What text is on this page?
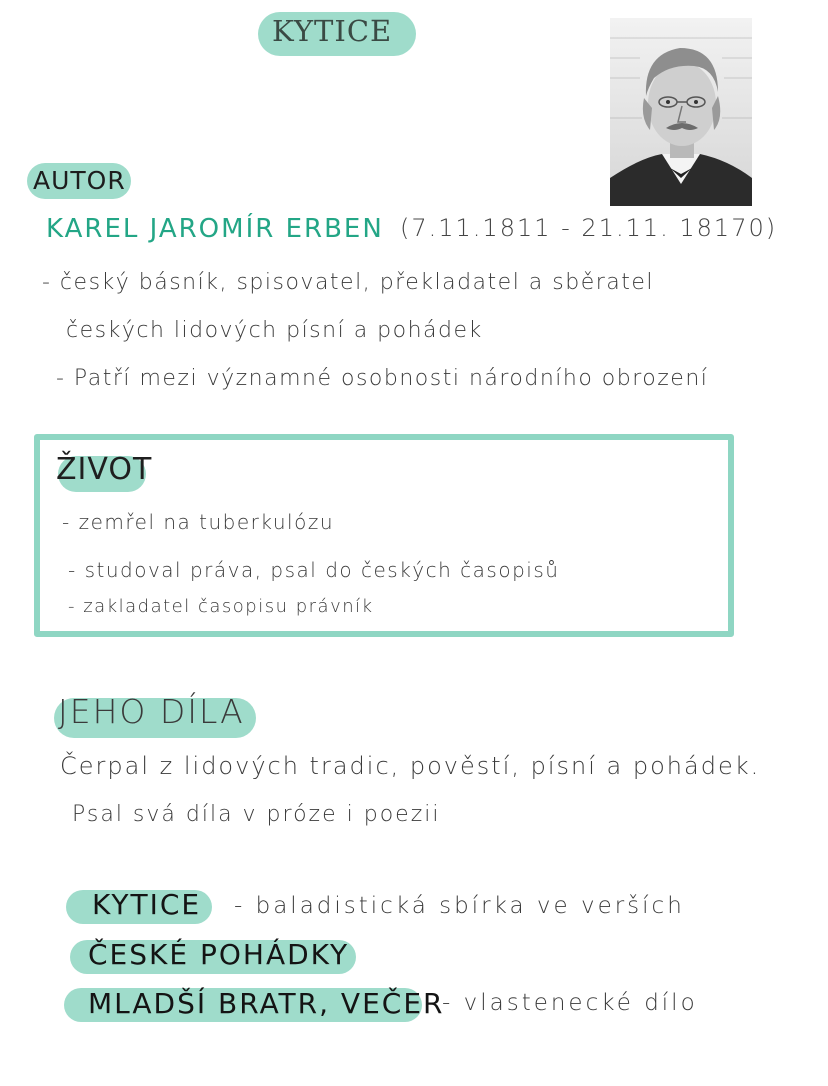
KYTICE
AUTOR
KAREL JAROMÍR ERBEN (7.11.1811 - 21.11. 18170)
- český básník, spisovatel, překladatel a sběratel
českých lidových písní a pohádek
- Patří mezi významné osobnosti národního obrození
ŽIVOT
- zemřel na tuberkulózu
- studoval práva, psal do českých časopisů
- zakladatel časopisu právník
JEHO DÍLA
Čerpal z lidových tradic, pověstí, písní a pohádek.
Psal svá díla v próze i poezii
KYTICE - baladistická sbírka ve verších
ČESKÉ POHÁDKY
MLADŠÍ BRATR, VEČER
- vlastenecké dílo
